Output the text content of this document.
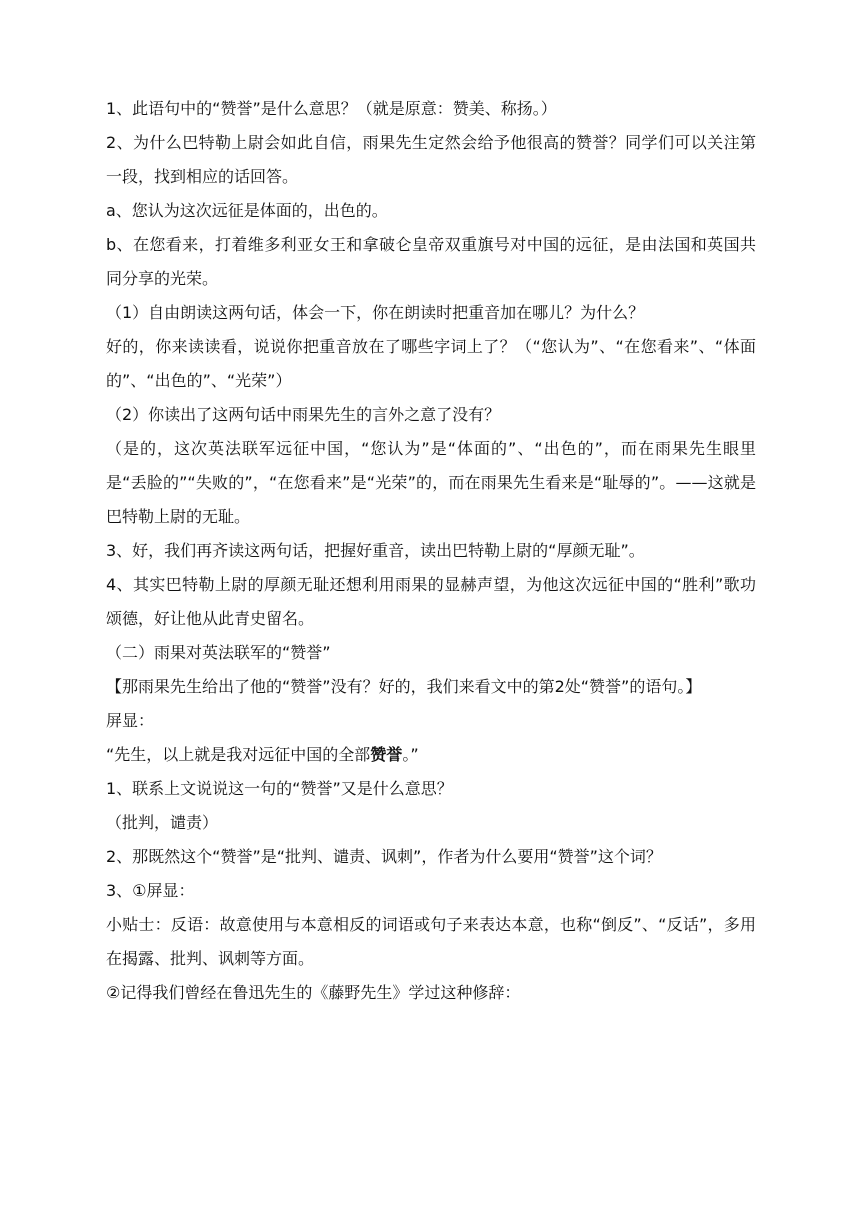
1、此语句中的“赞誉”是什么意思？（就是原意：赞美、称扬。）

2、为什么巴特勒上尉会如此自信，雨果先生定然会给予他很高的赞誉？同学们可以关注第一段，找到相应的话回答。

a、您认为这次远征是体面的，出色的。

b、在您看来，打着维多利亚女王和拿破仑皇帝双重旗号对中国的远征，是由法国和英国共同分享的光荣。

（1）自由朗读这两句话，体会一下，你在朗读时把重音加在哪儿？为什么？

好的，你来读读看，说说你把重音放在了哪些字词上了？（“您认为”、“在您看来”、“体面的”、“出色的”、“光荣”）

（2）你读出了这两句话中雨果先生的言外之意了没有？

（是的，这次英法联军远征中国，“您认为”是“体面的”、“出色的”，而在雨果先生眼里是“丢脸的”“失败的”，“在您看来”是“光荣”的，而在雨果先生看来是“耻辱的”。——这就是巴特勒上尉的无耻。

3、好，我们再齐读这两句话，把握好重音，读出巴特勒上尉的“厚颜无耻”。

4、其实巴特勒上尉的厚颜无耻还想利用雨果的显赫声望，为他这次远征中国的“胜利”歌功颂德，好让他从此青史留名。

（二）雨果对英法联军的“赞誉”

【那雨果先生给出了他的“赞誉”没有？好的，我们来看文中的第2处“赞誉”的语句。】

屏显：

“先生，以上就是我对远征中国的全部赞誉。”

1、联系上文说说这一句的“赞誉”又是什么意思？

（批判，谴责）

2、那既然这个“赞誉”是“批判、谴责、讽刺”，作者为什么要用“赞誉”这个词？

3、①屏显：

小贴士：反语：故意使用与本意相反的词语或句子来表达本意，也称“倒反”、“反话”，多用在揭露、批判、讽刺等方面。

②记得我们曾经在鲁迅先生的《藤野先生》学过这种修辞：
